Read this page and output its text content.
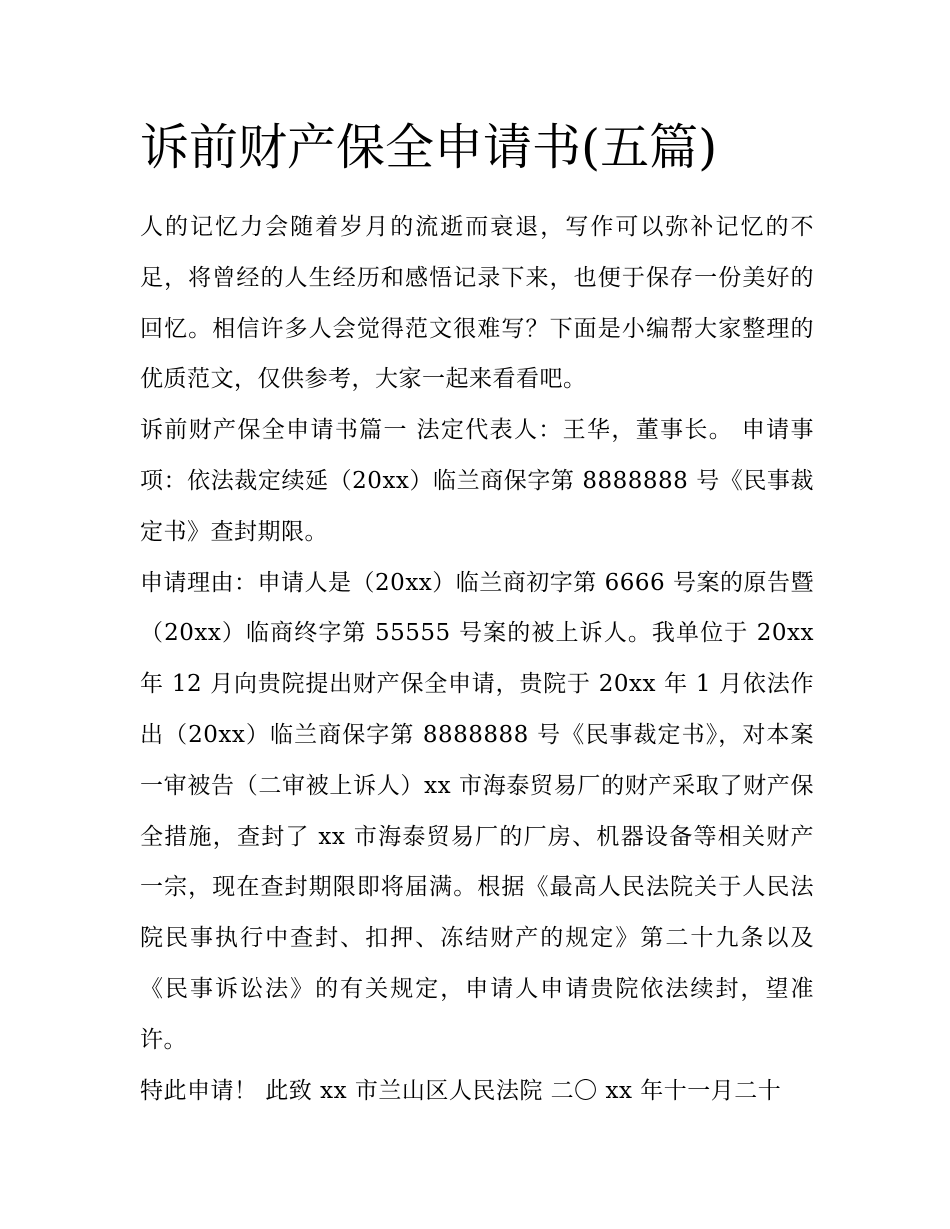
诉前财产保全申请书(五篇)

人的记忆力会随着岁月的流逝而衰退，写作可以弥补记忆的不足，将曾经的人生经历和感悟记录下来，也便于保存一份美好的回忆。相信许多人会觉得范文很难写？下面是小编帮大家整理的优质范文，仅供参考，大家一起来看看吧。

诉前财产保全申请书篇一 法定代表人：王华，董事长。 申请事项：依法裁定续延（20xx）临兰商保字第 8888888 号《民事裁定书》查封期限。

申请理由：申请人是（20xx）临兰商初字第 6666 号案的原告暨（20xx）临商终字第 55555 号案的被上诉人。我单位于 20xx 年 12 月向贵院提出财产保全申请，贵院于 20xx 年 1 月依法作出（20xx）临兰商保字第 8888888 号《民事裁定书》，对本案一审被告（二审被上诉人）xx 市海泰贸易厂的财产采取了财产保全措施，查封了 xx 市海泰贸易厂的厂房、机器设备等相关财产一宗，现在查封期限即将届满。根据《最高人民法院关于人民法院民事执行中查封、扣押、冻结财产的规定》第二十九条以及《民事诉讼法》的有关规定，申请人申请贵院依法续封，望准许。

特此申请！ 此致 xx 市兰山区人民法院 二〇 xx 年十一月二十
